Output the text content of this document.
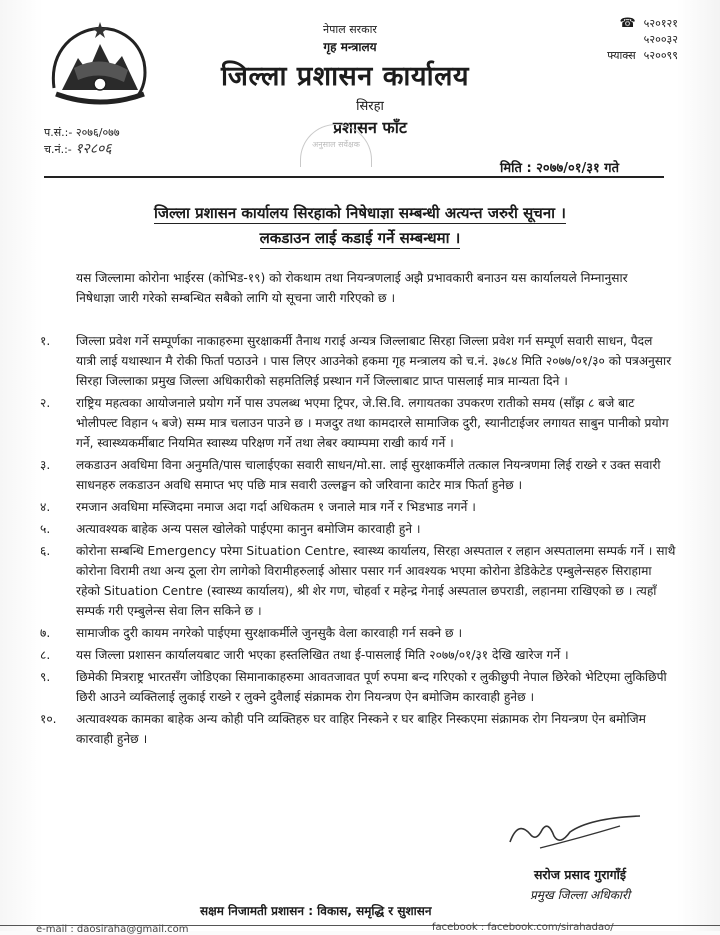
नेपाल सरकार
गृह मन्त्रालय
जिल्ला प्रशासन कार्यालय
सिरहा
प्रशासन फाँट
अनुसाल सर्वेक्षक
☎ ५२०१२१
५२००३२
फ्याक्स ५२००९९
प.सं.:- २०७६/०७७
च.नं.:- १२८०६
मिति : २०७७/०१/३१ गते
जिल्ला प्रशासन कार्यालय सिरहाको निषेधाज्ञा सम्बन्धी अत्यन्त जरुरी सूचना ।
लकडाउन लाई कडाई गर्ने सम्बन्धमा ।
यस जिल्लामा कोरोना भाईरस (कोभिड-१९) को रोकथाम तथा नियन्त्रणलाई अझै प्रभावकारी बनाउन यस कार्यालयले निम्नानुसार निषेधाज्ञा जारी गरेको सम्बन्धित सबैको लागि यो सूचना जारी गरिएको छ ।
१.	जिल्ला प्रवेश गर्ने सम्पूर्णका नाकाहरुमा सुरक्षाकर्मी तैनाथ गराई अन्यत्र जिल्लाबाट सिरहा जिल्ला प्रवेश गर्न सम्पूर्ण सवारी साधन, पैदल यात्री लाई यथास्थान मै रोकी फिर्ता पठाउने । पास लिएर आउनेको हकमा गृह मन्त्रालय को च.नं. ३७८४ मिति २०७७/०१/३० को पत्रअनुसार सिरहा जिल्लाका प्रमुख जिल्ला अधिकारीको सहमतिलिई प्रस्थान गर्ने जिल्लाबाट प्राप्त पासलाई मात्र मान्यता दिने ।
२.	राष्ट्रिय महत्वका आयोजनाले प्रयोग गर्ने पास उपलब्ध भएमा ट्रिपर, जे.सि.वि. लगायतका उपकरण रातीको समय (साँझ ८ बजे बाट भोलीपल्ट विहान ५ बजे) सम्म मात्र चलाउन पाउने छ । मजदुर तथा कामदारले सामाजिक दुरी, स्यानीटाईजर लगायत साबुन पानीको प्रयोग गर्ने, स्वास्थ्यकर्मीबाट नियमित स्वास्थ्य परिक्षण गर्ने तथा लेबर क्याम्पमा राखी कार्य गर्ने ।
३.	लकडाउन अवधिमा विना अनुमति/पास चालाईएका सवारी साधन/मो.सा. लाई सुरक्षाकर्मीले तत्काल नियन्त्रणमा लिई राख्ने र उक्त सवारी साधनहरु लकडाउन अवधि समाप्त भए पछि मात्र सवारी उल्लङ्घन को जरिवाना काटेर मात्र फिर्ता हुनेछ ।
४.	रमजान अवधिमा मस्जिदमा नमाज अदा गर्दा अधिकतम १ जनाले मात्र गर्ने र भिडभाड नगर्ने ।
५.	अत्यावश्यक बाहेक अन्य पसल खोलेको पाईएमा कानुन बमोजिम कारवाही हुने ।
६.	कोरोना सम्बन्धि Emergency परेमा Situation Centre, स्वास्थ्य कार्यालय, सिरहा अस्पताल र लहान अस्पतालमा सम्पर्क गर्ने । साथै कोरोना विरामी तथा अन्य ठूला रोग लागेको विरामीहरुलाई ओसार पसार गर्न आवश्यक भएमा कोरोना डेडिकेटेड एम्बुलेन्सहरु सिराहामा रहेको Situation Centre (स्वास्थ्य कार्यालय), श्री शेर गण, चोहर्वा र महेन्द्र गेनाई अस्पताल छपराडी, लहानमा राखिएको छ । त्यहाँ सम्पर्क गरी एम्बुलेन्स सेवा लिन सकिने छ ।
७.	सामाजीक दुरी कायम नगरेको पाईएमा सुरक्षाकर्मीले जुनसुकै वेला कारवाही गर्न सक्ने छ ।
८.	यस जिल्ला प्रशासन कार्यालयबाट जारी भएका हस्तलिखित तथा ई-पासलाई मिति २०७७/०१/३१ देखि खारेज गर्ने ।
९.	छिमेकी मित्रराष्ट्र भारतसँग जोडिएका सिमानाकाहरुमा आवतजावत पूर्ण रुपमा बन्द गरिएको र लुकीछुपी नेपाल छिरेको भेटिएमा लुकिछिपी छिरी आउने व्यक्तिलाई लुकाई राख्ने र लुक्ने दुवैलाई संक्रामक रोग नियन्त्रण ऐन बमोजिम कारवाही हुनेछ ।
१०.	अत्यावश्यक कामका बाहेक अन्य कोही पनि व्यक्तिहरु घर वाहिर निस्कने र घर बाहिर निस्कएमा संक्रामक रोग नियन्त्रण ऐन बमोजिम कारवाही हुनेछ ।
सरोज प्रसाद गुरागाँई
प्रमुख जिल्ला अधिकारी
सक्षम निजामती प्रशासन : विकास, समृद्धि र सुशासन
e-mail : daosiraha@gmail.com	facebook : facebook.com/sirahadao/
